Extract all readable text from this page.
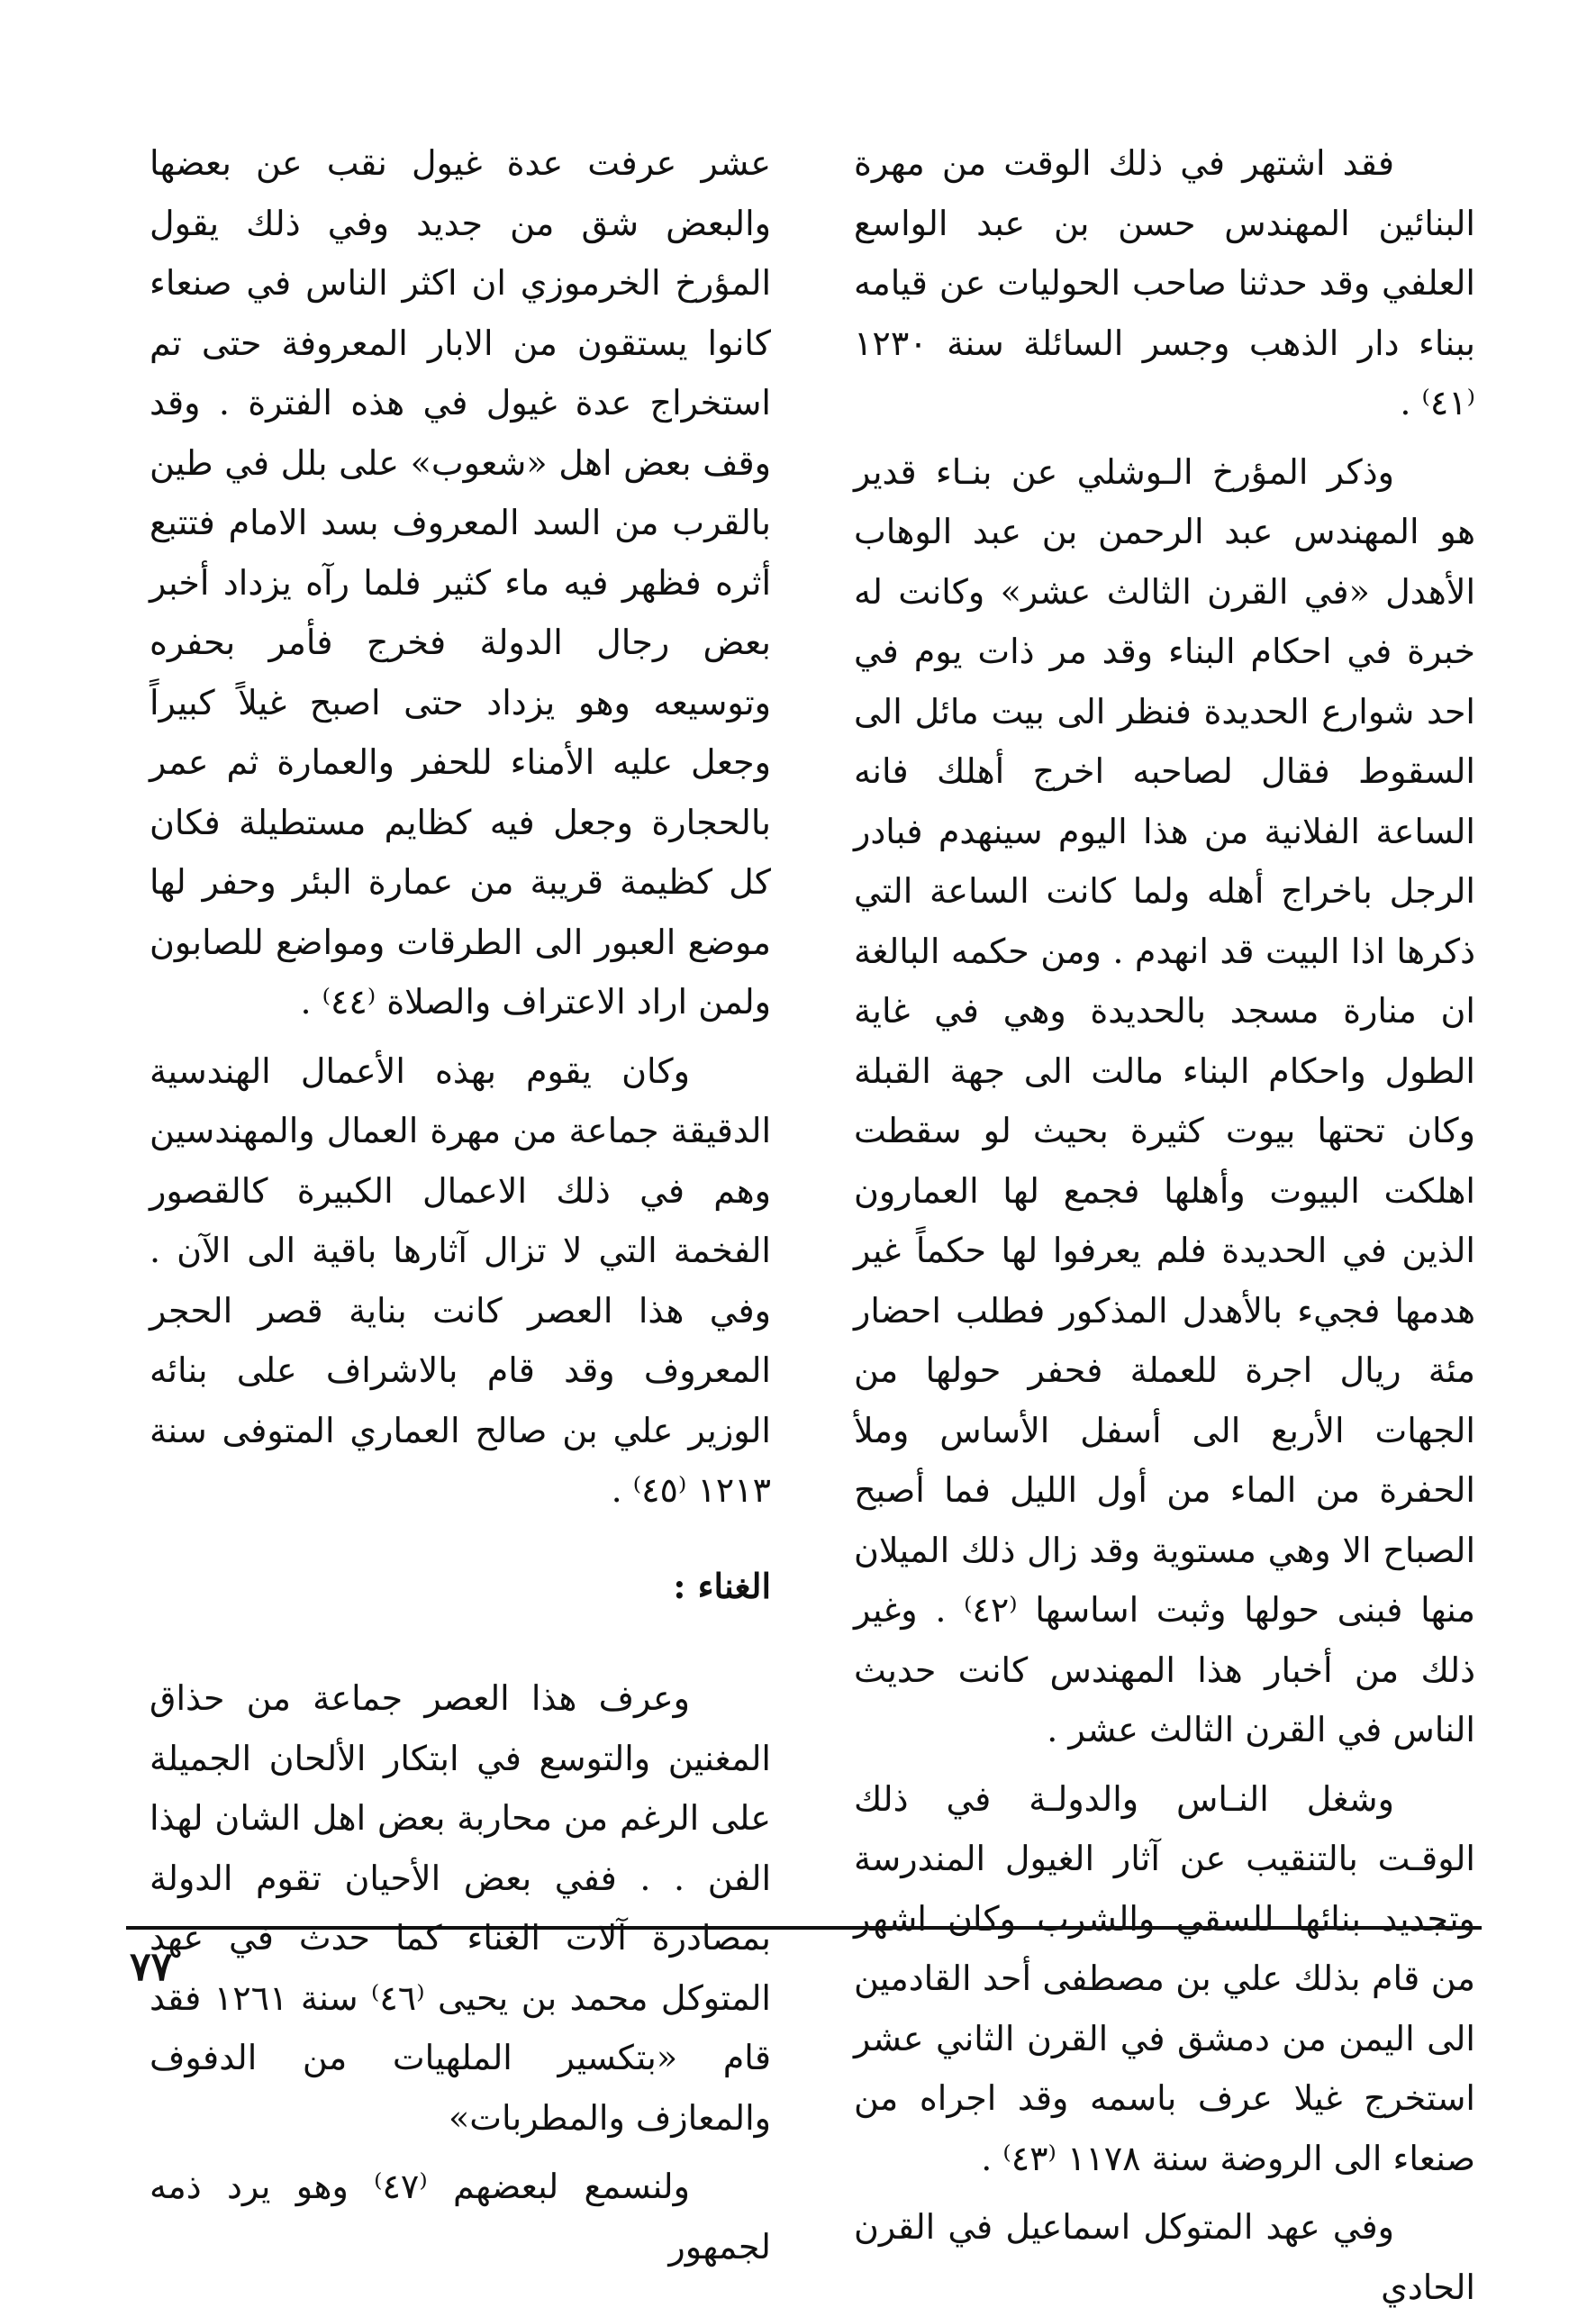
فقد اشتهر في ذلك الوقت من مهرة البنائين المهندس حسن بن عبد الواسع العلفي وقد حدثنا صاحب الحوليات عن قيامه ببناء دار الذهب وجسر السائلة سنة ١٢٣٠ ⁽٤١⁾ .

وذكر المؤرخ الـوشلي عن بنـاء قدير هو المهندس عبد الرحمن بن عبد الوهاب الأهدل «في القرن الثالث عشر» وكانت له خبرة في احكام البناء وقد مر ذات يوم في احد شوارع الحديدة فنظر الى بيت مائل الى السقوط فقال لصاحبه اخرج أهلك فانه الساعة الفلانية من هذا اليوم سينهدم فبادر الرجل باخراج أهله ولما كانت الساعة التي ذكرها اذا البيت قد انهدم . ومن حكمه البالغة ان منارة مسجد بالحديدة وهي في غاية الطول واحكام البناء مالت الى جهة القبلة وكان تحتها بيوت كثيرة بحيث لو سقطت اهلكت البيوت وأهلها فجمع لها العمارون الذين في الحديدة فلم يعرفوا لها حكماً غير هدمها فجيء بالأهدل المذكور فطلب احضار مئة ريال اجرة للعملة فحفر حولها من الجهات الأربع الى أسفل الأساس وملأ الحفرة من الماء من أول الليل فما أصبح الصباح الا وهي مستوية وقد زال ذلك الميلان منها فبنى حولها وثبت اساسها ⁽٤٢⁾ . وغير ذلك من أخبار هذا المهندس كانت حديث الناس في القرن الثالث عشر .

وشغل النـاس والدولـة في ذلك الوقـت بالتنقيب عن آثار الغيول المندرسة وتجديد بنائها للسقي والشرب وكان اشهر من قام بذلك علي بن مصطفى أحد القادمين الى اليمن من دمشق في القرن الثاني عشر استخرج غيلا عرف باسمه وقد اجراه من صنعاء الى الروضة سنة ١١٧٨ ⁽٤٣⁾ .

وفي عهد المتوكل اسماعيل في القرن الحادي

عشر عرفت عدة غيول نقب عن بعضها والبعض شق من جديد وفي ذلك يقول المؤرخ الخرموزي ان اكثر الناس في صنعاء كانوا يستقون من الابار المعروفة حتى تم استخراج عدة غيول في هذه الفترة . وقد وقف بعض اهل «شعوب» على بلل في طين بالقرب من السد المعروف بسد الامام فتتبع أثره فظهر فيه ماء كثير فلما رآه يزداد أخبر بعض رجال الدولة فخرج فأمر بحفره وتوسيعه وهو يزداد حتى اصبح غيلاً كبيراً وجعل عليه الأمناء للحفر والعمارة ثم عمر بالحجارة وجعل فيه كظايم مستطيلة فكان كل كظيمة قريبة من عمارة البئر وحفر لها موضع العبور الى الطرقات ومواضع للصابون ولمن اراد الاعتراف والصلاة ⁽٤٤⁾ .

وكان يقوم بهذه الأعمال الهندسية الدقيقة جماعة من مهرة العمال والمهندسين وهم في ذلك الاعمال الكبيرة كالقصور الفخمة التي لا تزال آثارها باقية الى الآن . وفي هذا العصر كانت بناية قصر الحجر المعروف وقد قام بالاشراف على بنائه الوزير علي بن صالح العماري المتوفى سنة ١٢١٣ ⁽٤٥⁾ .

الغناء :

وعرف هذا العصر جماعة من حذاق المغنين والتوسع في ابتكار الألحان الجميلة على الرغم من محاربة بعض اهل الشان لهذا الفن . . ففي بعض الأحيان تقوم الدولة بمصادرة آلات الغناء كما حدث في عهد المتوكل محمد بن يحيى ⁽٤٦⁾ سنة ١٢٦١ فقد قام «بتكسير الملهيات من الدفوف والمعازف والمطربات»

ولنسمع لبعضهم ⁽٤٧⁾ وهو يرد ذمه لجمهور

٧٧
